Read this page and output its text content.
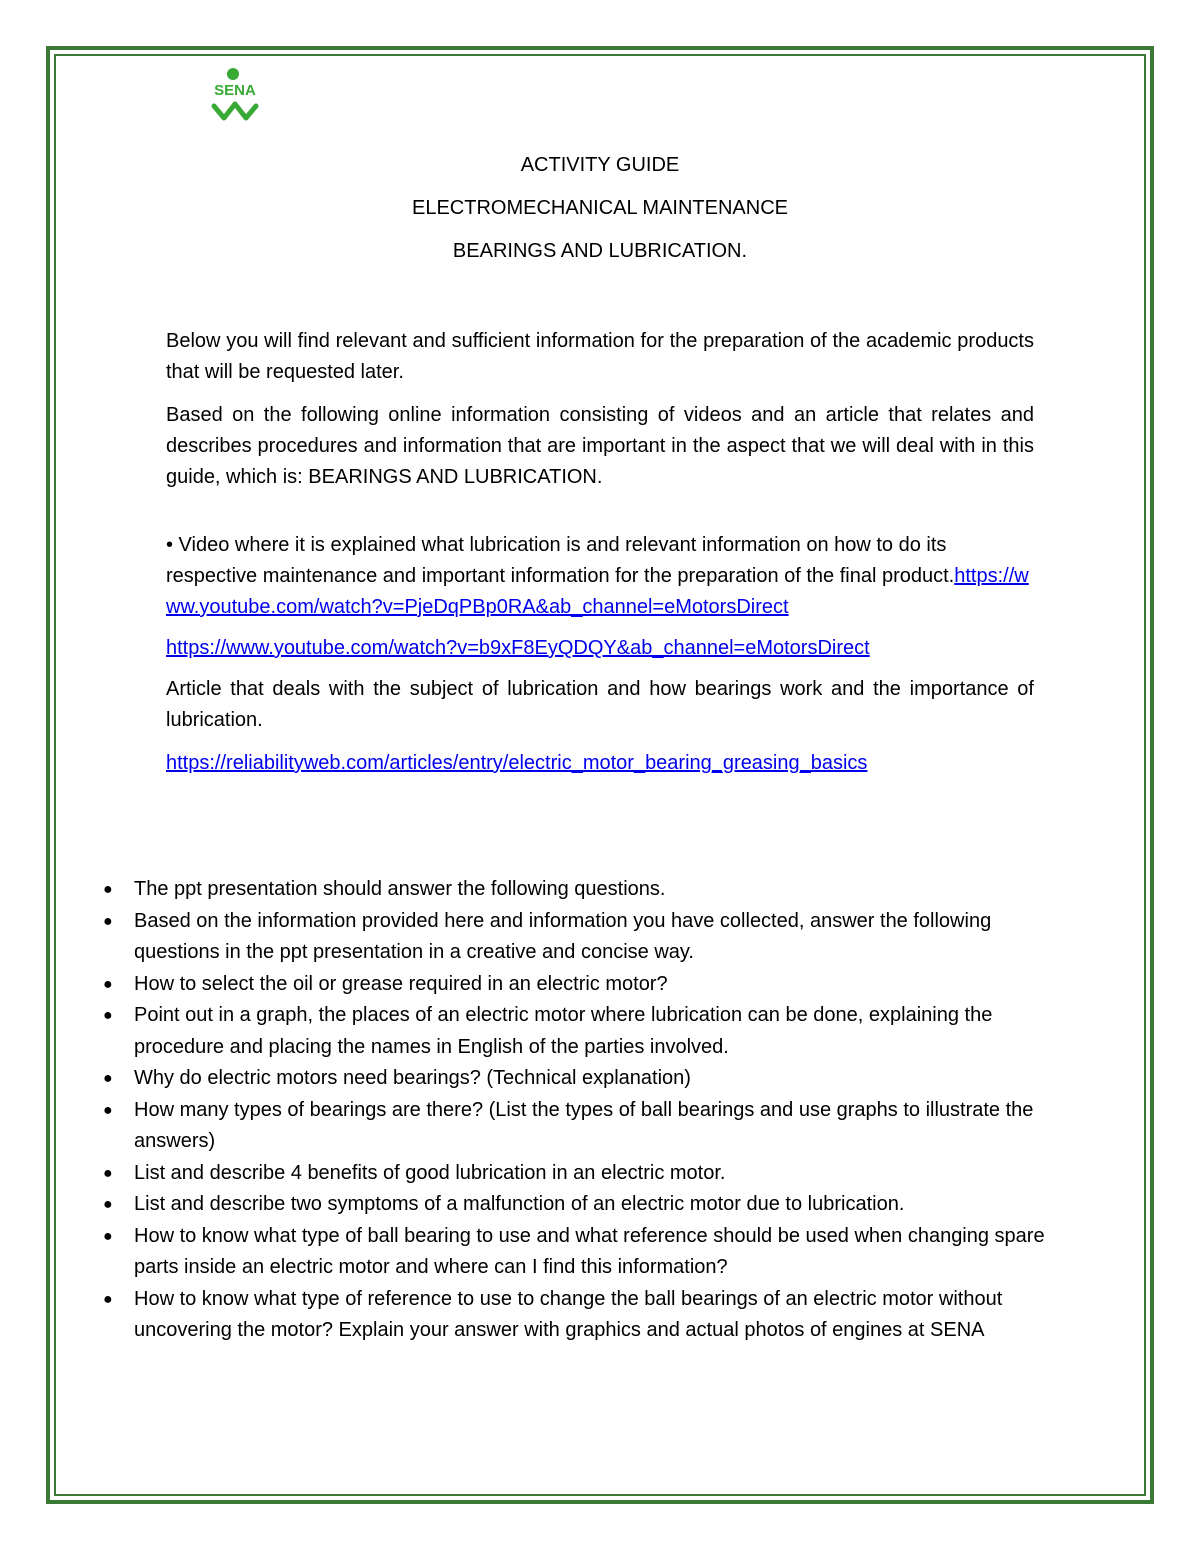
SENA
ACTIVITY GUIDE
ELECTROMECHANICAL MAINTENANCE
BEARINGS AND LUBRICATION.

Below you will find relevant and sufficient information for the preparation of the academic products that will be requested later.

Based on the following online information consisting of videos and an article that relates and describes procedures and information that are important in the aspect that we will deal with in this guide, which is: BEARINGS AND LUBRICATION.

• Video where it is explained what lubrication is and relevant information on how to do its respective maintenance and important information for the preparation of the final product.https://www.youtube.com/watch?v=PjeDqPBp0RA&ab_channel=eMotorsDirect

https://www.youtube.com/watch?v=b9xF8EyQDQY&ab_channel=eMotorsDirect

Article that deals with the subject of lubrication and how bearings work and the importance of lubrication.

https://reliabilityweb.com/articles/entry/electric_motor_bearing_greasing_basics

● The ppt presentation should answer the following questions.
● Based on the information provided here and information you have collected, answer the following questions in the ppt presentation in a creative and concise way.
● How to select the oil or grease required in an electric motor?
● Point out in a graph, the places of an electric motor where lubrication can be done, explaining the procedure and placing the names in English of the parties involved.
● Why do electric motors need bearings? (Technical explanation)
● How many types of bearings are there? (List the types of ball bearings and use graphs to illustrate the answers)
● List and describe 4 benefits of good lubrication in an electric motor.
● List and describe two symptoms of a malfunction of an electric motor due to lubrication.
● How to know what type of ball bearing to use and what reference should be used when changing spare parts inside an electric motor and where can I find this information?
● How to know what type of reference to use to change the ball bearings of an electric motor without uncovering the motor? Explain your answer with graphics and actual photos of engines at SENA
